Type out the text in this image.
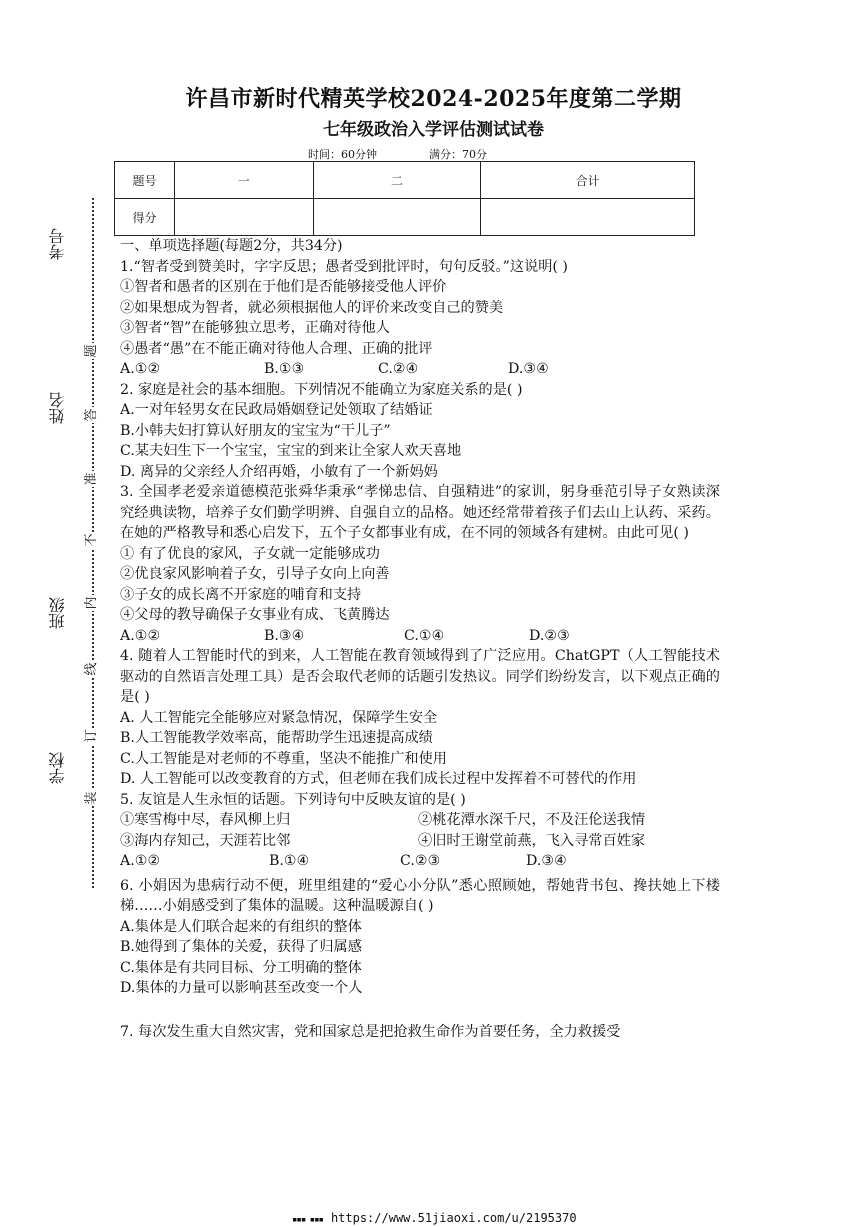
许昌市新时代精英学校2024-2025年度第二学期
七年级政治入学评估测试试卷
时间：60分钟	满分：70分
题号	一	二	合计
得分			
考号
姓名
班级
学校
题
答
准
不
内
线
订
装

一、单项选择题(每题2分，共34分)

1.“智者受到赞美时，字字反思；愚者受到批评时，句句反驳。”这说明( )

①智者和愚者的区别在于他们是否能够接受他人评价

②如果想成为智者，就必须根据他人的评价来改变自己的赞美

③智者“智”在能够独立思考，正确对待他人

④愚者“愚”在不能正确对待他人合理、正确的批评

A.①②	B.①③	C.②④	D.③④

2. 家庭是社会的基本细胞。下列情况不能确立为家庭关系的是( )

A.一对年轻男女在民政局婚姻登记处领取了结婚证

B.小韩夫妇打算认好朋友的宝宝为“干儿子”

C.某夫妇生下一个宝宝，宝宝的到来让全家人欢天喜地

D. 离异的父亲经人介绍再婚，小敏有了一个新妈妈

3. 全国孝老爱亲道德模范张舜华秉承“孝悌忠信、自强精进”的家训，躬身垂范引导子女熟读深究经典读物，培养子女们勤学明辨、自强自立的品格。她还经常带着孩子们去山上认药、采药。在她的严格教导和悉心启发下，五个子女都事业有成，在不同的领域各有建树。由此可见( )

① 有了优良的家风，子女就一定能够成功

②优良家风影响着子女，引导子女向上向善

③子女的成长离不开家庭的哺育和支持

④父母的教导确保子女事业有成、飞黄腾达

A.①②	B.③④	C.①④	D.②③

4. 随着人工智能时代的到来，人工智能在教育领域得到了广泛应用。ChatGPT（人工智能技术驱动的自然语言处理工具）是否会取代老师的话题引发热议。同学们纷纷发言，以下观点正确的是( )

A. 人工智能完全能够应对紧急情况，保障学生安全

B.人工智能教学效率高，能帮助学生迅速提高成绩

C.人工智能是对老师的不尊重，坚决不能推广和使用

D. 人工智能可以改变教育的方式，但老师在我们成长过程中发挥着不可替代的作用

5. 友谊是人生永恒的话题。下列诗句中反映友谊的是( )

①寒雪梅中尽，春风柳上归	②桃花潭水深千尺，不及汪伦送我情
③海内存知己，天涯若比邻	④旧时王谢堂前燕，飞入寻常百姓家
A.①②	B.①④	C.②③	D.③④

6. 小娟因为患病行动不便，班里组建的“爱心小分队”悉心照顾她，帮她背书包、搀扶她上下楼梯……小娟感受到了集体的温暖。这种温暖源自( )

A.集体是人们联合起来的有组织的整体

B.她得到了集体的关爱，获得了归属感

C.集体是有共同目标、分工明确的整体

D.集体的力量可以影响甚至改变一个人

7. 每次发生重大自然灾害，党和国家总是把抢救生命作为首要任务，全力救援受
▪▪▪ ▪▪▪ https://www.51jiaoxi.com/u/2195370
